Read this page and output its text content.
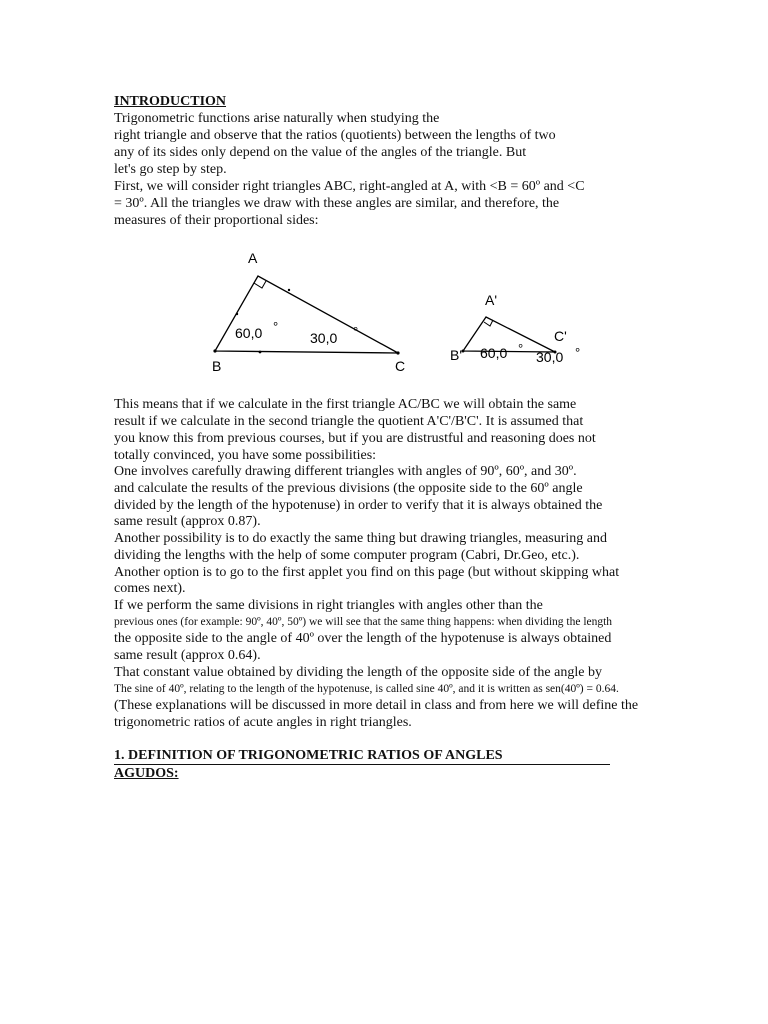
INTRODUCTION
Trigonometric functions arise naturally when studying the
right triangle and observe that the ratios (quotients) between the lengths of two
any of its sides only depend on the value of the angles of the triangle. But
let's go step by step.
First, we will consider right triangles ABC, right-angled at A, with <B = 60º and <C
= 30º. All the triangles we draw with these angles are similar, and therefore, the
measures of their proportional sides:
A
B	C
60,0 °
30,0 °
A'
B'
C'
60,0 °
30,0 °
This means that if we calculate in the first triangle AC/BC we will obtain the same
result if we calculate in the second triangle the quotient A'C'/B'C'. It is assumed that
you know this from previous courses, but if you are distrustful and reasoning does not
totally convinced, you have some possibilities:
One involves carefully drawing different triangles with angles of 90º, 60º, and 30º.
and calculate the results of the previous divisions (the opposite side to the 60º angle
divided by the length of the hypotenuse) in order to verify that it is always obtained the
same result (approx 0.87).
Another possibility is to do exactly the same thing but drawing triangles, measuring and
dividing the lengths with the help of some computer program (Cabri, Dr.Geo, etc.).
Another option is to go to the first applet you find on this page (but without skipping what
comes next).
If we perform the same divisions in right triangles with angles other than the
previous ones (for example: 90º, 40º, 50º) we will see that the same thing happens: when dividing the length
the opposite side to the angle of 40º over the length of the hypotenuse is always obtained
same result (approx 0.64).
That constant value obtained by dividing the length of the opposite side of the angle by
The sine of 40º, relating to the length of the hypotenuse, is called sine 40º, and it is written as sen(40º) = 0.64.
(These explanations will be discussed in more detail in class and from here we will define the
trigonometric ratios of acute angles in right triangles.
1. DEFINITION OF TRIGONOMETRIC RATIOS OF ANGLES
AGUDOS:
